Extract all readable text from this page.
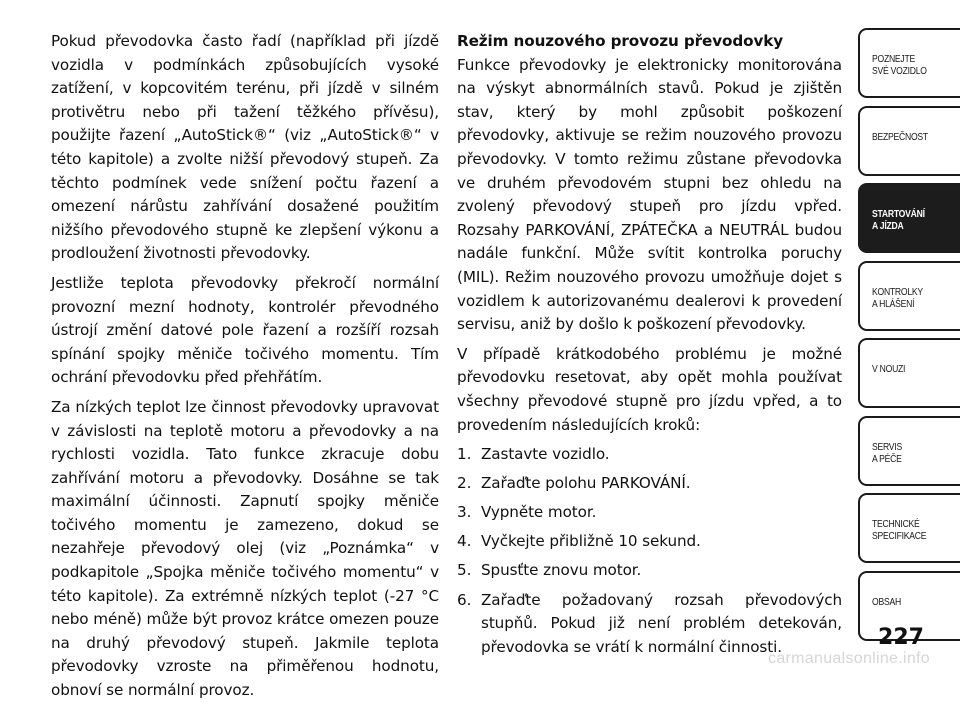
Pokud převodovka často řadí (například při jízdě vozidla v podmínkách způsobujících vysoké zatížení, v kopcovitém terénu, při jízdě v silném protivětru nebo při tažení těžkého přívěsu), použijte řazení „AutoStick®“ (viz „AutoStick®“ v této kapitole) a zvolte nižší převodový stupeň. Za těchto podmínek vede snížení počtu řazení a omezení nárůstu zahřívání dosažené použitím nižšího převodového stupně ke zlepšení výkonu a prodloužení životnosti převodovky.

Jestliže teplota převodovky překročí normální provozní mezní hodnoty, kontrolér převodného ústrojí změní datové pole řazení a rozšíří rozsah spínání spojky měniče točivého momentu. Tím ochrání převodovku před přehřátím.

Za nízkých teplot lze činnost převodovky upravovat v závislosti na teplotě motoru a převodovky a na rychlosti vozidla. Tato funkce zkracuje dobu zahřívání motoru a převodovky. Dosáhne se tak maximální účinnosti. Zapnutí spojky měniče točivého momentu je zamezeno, dokud se nezahřeje převodový olej (viz „Poznámka“ v podkapitole „Spojka měniče točivého momentu“ v této kapitole). Za extrémně nízkých teplot (-27 °C nebo méně) může být provoz krátce omezen pouze na druhý převodový stupeň. Jakmile teplota převodovky vzroste na přiměřenou hodnotu, obnoví se normální provoz.

Režim nouzového provozu převodovky

Funkce převodovky je elektronicky monitorována na výskyt abnormálních stavů. Pokud je zjištěn stav, který by mohl způsobit poškození převodovky, aktivuje se režim nouzového provozu převodovky. V tomto režimu zůstane převodovka ve druhém převodovém stupni bez ohledu na zvolený převodový stupeň pro jízdu vpřed. Rozsahy PARKOVÁNÍ, ZPÁTEČKA a NEUTRÁL budou nadále funkční. Může svítit kontrolka poruchy (MIL). Režim nouzového provozu umožňuje dojet s vozidlem k autorizovanému dealerovi k provedení servisu, aniž by došlo k poškození převodovky.

V případě krátkodobého problému je možné převodovku resetovat, aby opět mohla používat všechny převodové stupně pro jízdu vpřed, a to provedením následujících kroků:

1. Zastavte vozidlo.
2. Zařaďte polohu PARKOVÁNÍ.
3. Vypněte motor.
4. Vyčkejte přibližně 10 sekund.
5. Spusťte znovu motor.
6. Zařaďte požadovaný rozsah převodových stupňů. Pokud již není problém detekován, převodovka se vrátí k normální činnosti.
POZNEJTE
SVÉ VOZIDLO
BEZPEČNOST
STARTOVÁNÍ
A JÍZDA
KONTROLKY
A HLÁŠENÍ
V NOUZI
SERVIS
A PÉČE
TECHNICKÉ
SPECIFIKACE
OBSAH
227
carmanualsonline.info
